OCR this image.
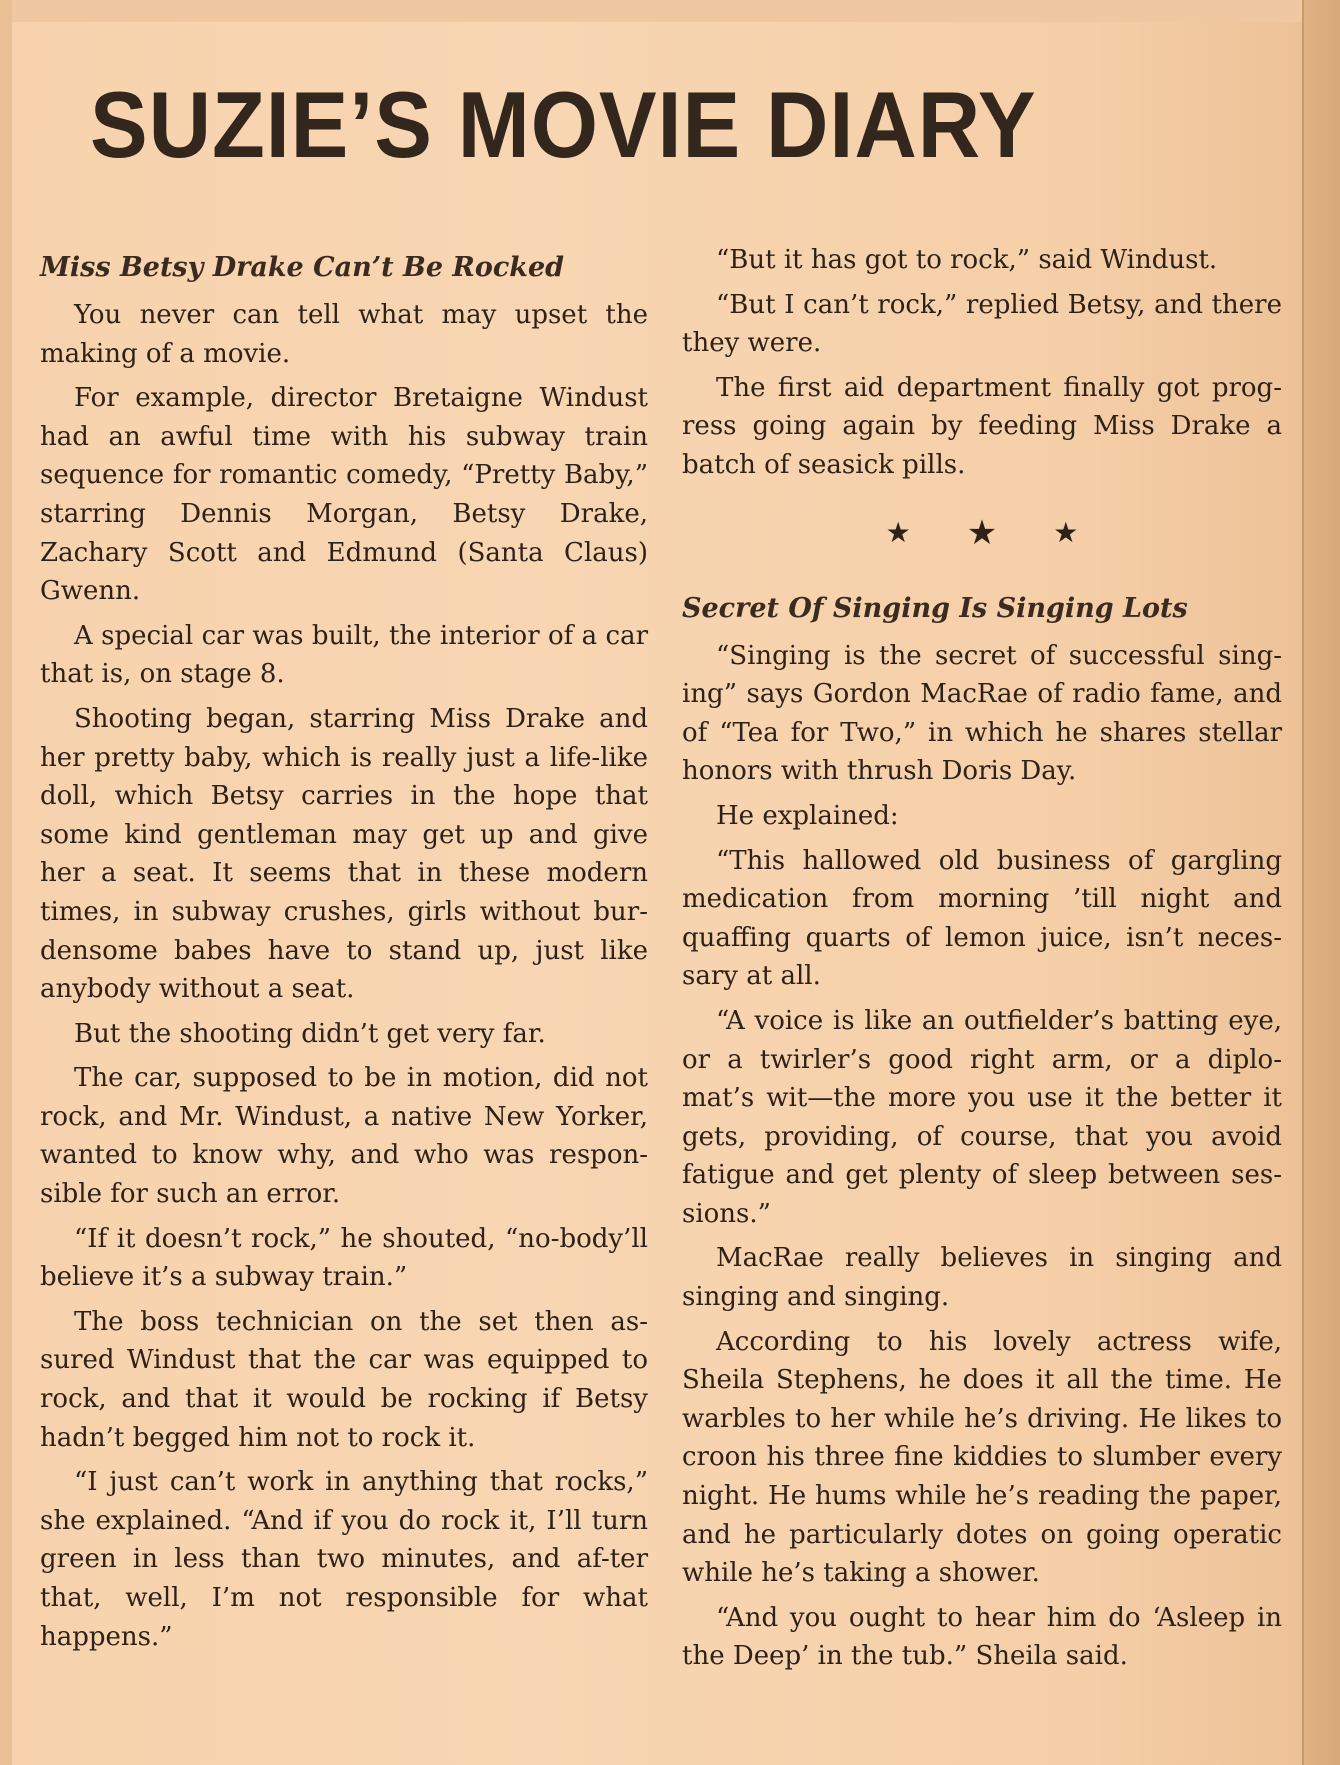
SUZIE’S MOVIE DIARY
Miss Betsy Drake Can’t Be Rocked

You never can tell what may upset the making of a movie.

For example, director Bretaigne Windust had an awful time with his subway train sequence for romantic comedy, “Pretty Baby,” starring Dennis Morgan, Betsy Drake, Zachary Scott and Edmund (Santa Claus) Gwenn.

A special car was built, the interior of a car that is, on stage 8.

Shooting began, starring Miss Drake and her pretty baby, which is really just a life-like doll, which Betsy carries in the hope that some kind gentleman may get up and give her a seat. It seems that in these modern times, in subway crushes, girls without bur-densome babes have to stand up, just like anybody without a seat.

But the shooting didn’t get very far.

The car, supposed to be in motion, did not rock, and Mr. Windust, a native New Yorker, wanted to know why, and who was respon-sible for such an error.

“If it doesn’t rock,” he shouted, “no-body’ll believe it’s a subway train.”

The boss technician on the set then as-sured Windust that the car was equipped to rock, and that it would be rocking if Betsy hadn’t begged him not to rock it.

“I just can’t work in anything that rocks,” she explained. “And if you do rock it, I’ll turn green in less than two minutes, and af-ter that, well, I’m not responsible for what happens.”

“But it has got to rock,” said Windust.

“But I can’t rock,” replied Betsy, and there they were.

The first aid department finally got prog-ress going again by feeding Miss Drake a batch of seasick pills.

★ ★ ★
Secret Of Singing Is Singing Lots

“Singing is the secret of successful sing-ing” says Gordon MacRae of radio fame, and of “Tea for Two,” in which he shares stellar honors with thrush Doris Day.

He explained:

“This hallowed old business of gargling medication from morning ’till night and quaffing quarts of lemon juice, isn’t neces-sary at all.

“A voice is like an outfielder’s batting eye, or a twirler’s good right arm, or a diplo-mat’s wit—the more you use it the better it gets, providing, of course, that you avoid fatigue and get plenty of sleep between ses-sions.”

MacRae really believes in singing and singing and singing.

According to his lovely actress wife, Sheila Stephens, he does it all the time. He warbles to her while he’s driving. He likes to croon his three fine kiddies to slumber every night. He hums while he’s reading the paper, and he particularly dotes on going operatic while he’s taking a shower.

“And you ought to hear him do ‘Asleep in the Deep’ in the tub.” Sheila said.
